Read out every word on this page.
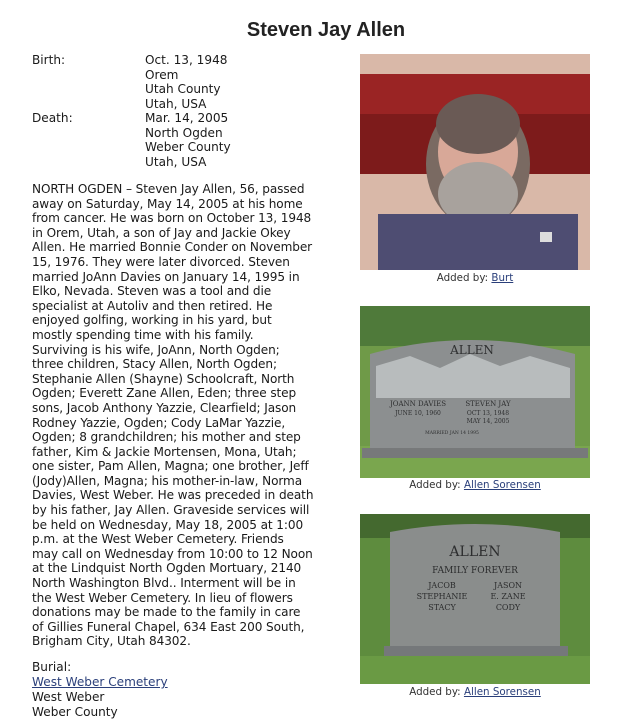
Steven Jay Allen
Birth:	Oct. 13, 1948
Orem
Utah County
Utah, USA
Death:	Mar. 14, 2005
North Ogden
Weber County
Utah, USA
NORTH OGDEN – Steven Jay Allen, 56, passed
away on Saturday, May 14, 2005 at his home
from cancer. He was born on October 13, 1948
in Orem, Utah, a son of Jay and Jackie Okey
Allen. He married Bonnie Conder on November
15, 1976. They were later divorced. Steven
married JoAnn Davies on January 14, 1995 in
Elko, Nevada. Steven was a tool and die
specialist at Autoliv and then retired. He
enjoyed golfing, working in his yard, but
mostly spending time with his family.
Surviving is his wife, JoAnn, North Ogden;
three children, Stacy Allen, North Ogden;
Stephanie Allen (Shayne) Schoolcraft, North
Ogden; Everett Zane Allen, Eden; three step
sons, Jacob Anthony Yazzie, Clearfield; Jason
Rodney Yazzie, Ogden; Cody LaMar Yazzie,
Ogden; 8 grandchildren; his mother and step
father, Kim & Jackie Mortensen, Mona, Utah;
one sister, Pam Allen, Magna; one brother, Jeff
(Jody)Allen, Magna; his mother-in-law, Norma
Davies, West Weber. He was preceded in death
by his father, Jay Allen. Graveside services will
be held on Wednesday, May 18, 2005 at 1:00
p.m. at the West Weber Cemetery. Friends
may call on Wednesday from 10:00 to 12 Noon
at the Lindquist North Ogden Mortuary, 2140
North Washington Blvd.. Interment will be in
the West Weber Cemetery. In lieu of flowers
donations may be made to the family in care
of Gillies Funeral Chapel, 634 East 200 South,
Brigham City, Utah 84302.
Burial:
West Weber Cemetery
West Weber
Weber County
Added by: Burt
ALLEN
JOANN DAVIES
JUNE 10, 1960
STEVEN JAY
OCT 13, 1948
MAY 14, 2005
MARRIED JAN 14 1995
Added by: Allen Sorensen
ALLEN
FAMILY FOREVER
JACOB
STEPHANIE
STACY
JASON
E. ZANE
CODY
Added by: Allen Sorensen
